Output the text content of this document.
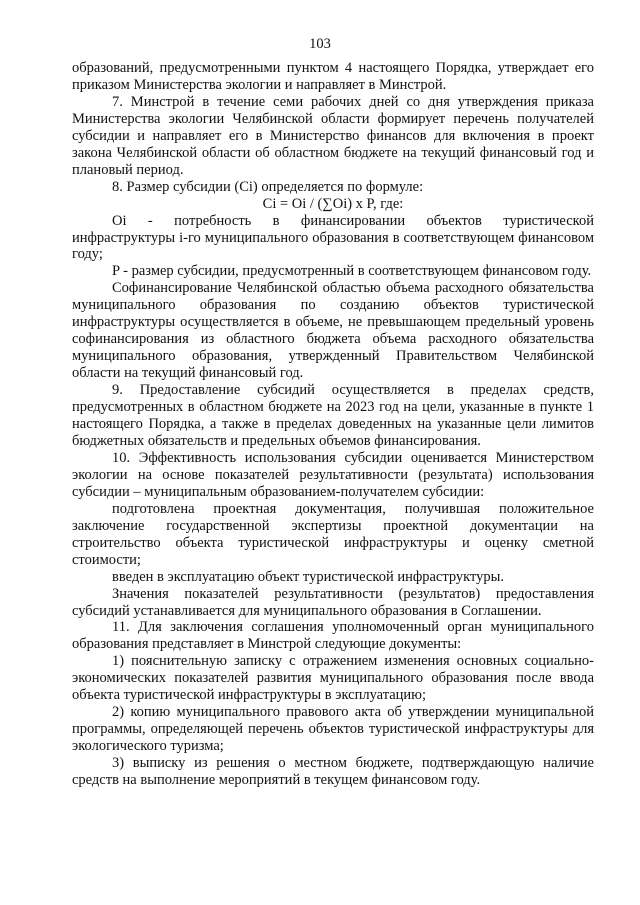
103

образований, предусмотренными пунктом 4 настоящего Порядка, утверждает его приказом Министерства экологии и направляет в Минстрой.

7. Минстрой в течение семи рабочих дней со дня утверждения приказа Министерства экологии Челябинской области формирует перечень получателей субсидии и направляет его в Министерство финансов для включения в проект закона Челябинской области об областном бюджете на текущий финансовый год и плановый период.

8. Размер субсидии (Ci) определяется по формуле:

Ci = Oi / (∑Oi) x P, где:

Oi - потребность в финансировании объектов туристической инфраструктуры i-го муниципального образования в соответствующем финансовом году;

P - размер субсидии, предусмотренный в соответствующем финансовом году.

Софинансирование Челябинской областью объема расходного обязательства муниципального образования по созданию объектов туристической инфраструктуры осуществляется в объеме, не превышающем предельный уровень софинансирования из областного бюджета объема расходного обязательства муниципального образования, утвержденный Правительством Челябинской области на текущий финансовый год.

9. Предоставление субсидий осуществляется в пределах средств, предусмотренных в областном бюджете на 2023 год на цели, указанные в пункте 1 настоящего Порядка, а также в пределах доведенных на указанные цели лимитов бюджетных обязательств и предельных объемов финансирования.

10. Эффективность использования субсидии оценивается Министерством экологии на основе показателей результативности (результата) использования субсидии – муниципальным образованием-получателем субсидии:

подготовлена проектная документация, получившая положительное заключение государственной экспертизы проектной документации на строительство объекта туристической инфраструктуры и оценку сметной стоимости;

введен в эксплуатацию объект туристической инфраструктуры.

Значения показателей результативности (результатов) предоставления субсидий устанавливается для муниципального образования в Соглашении.

11. Для заключения соглашения уполномоченный орган муниципального образования представляет в Минстрой следующие документы:

1) пояснительную записку с отражением изменения основных социально-экономических показателей развития муниципального образования после ввода объекта туристической инфраструктуры в эксплуатацию;

2) копию муниципального правового акта об утверждении муниципальной программы, определяющей перечень объектов туристической инфраструктуры для экологического туризма;

3) выписку из решения о местном бюджете, подтверждающую наличие средств на выполнение мероприятий в текущем финансовом году.
